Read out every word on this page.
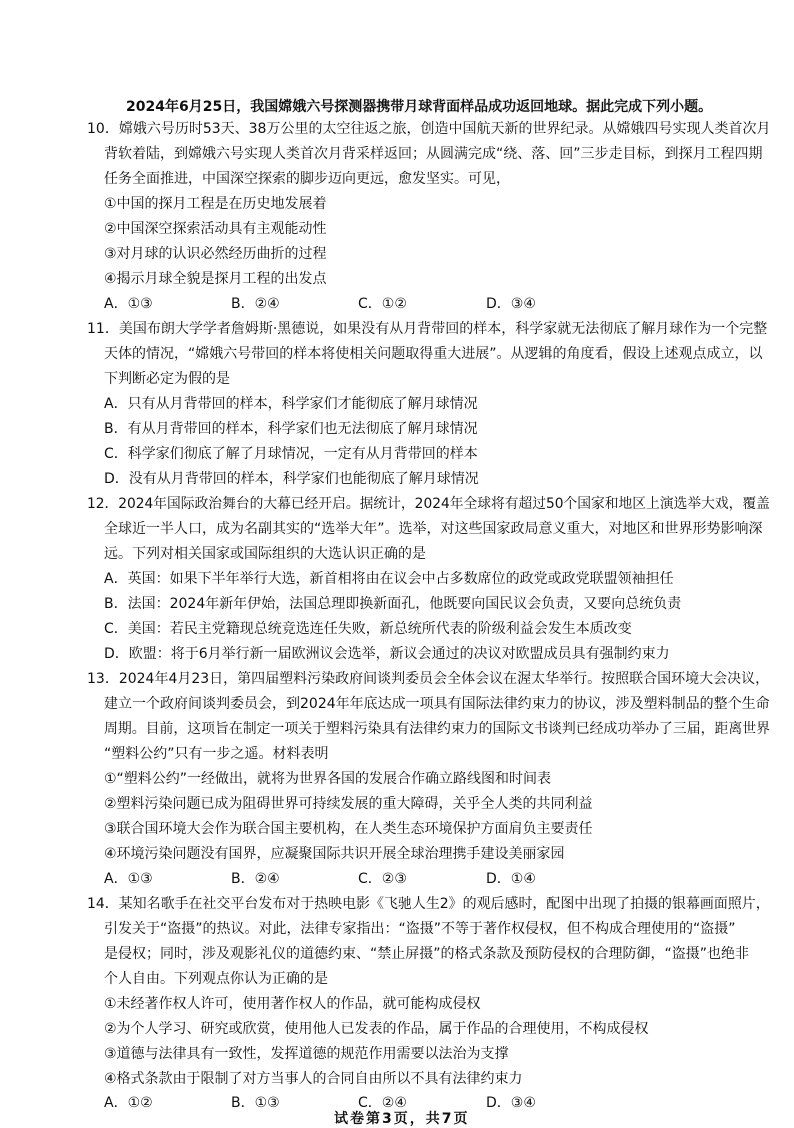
2024年6月25日，我国嫦娥六号探测器携带月球背面样品成功返回地球。据此完成下列小题。
10．嫦娥六号历时53天、38万公里的太空往返之旅，创造中国航天新的世界纪录。从嫦娥四号实现人类首次月
背软着陆，到嫦娥六号实现人类首次月背采样返回；从圆满完成“绕、落、回”三步走目标，到探月工程四期
任务全面推进，中国深空探索的脚步迈向更远，愈发坚实。可见，
①中国的探月工程是在历史地发展着
②中国深空探索活动具有主观能动性
③对月球的认识必然经历曲折的过程
④揭示月球全貌是探月工程的出发点
A．①③	B．②④	C．①②	D．③④
11．美国布朗大学学者詹姆斯·黑德说，如果没有从月背带回的样本，科学家就无法彻底了解月球作为一个完整
天体的情况，“嫦娥六号带回的样本将使相关问题取得重大进展”。从逻辑的角度看，假设上述观点成立，以
下判断必定为假的是
A．只有从月背带回的样本，科学家们才能彻底了解月球情况
B．有从月背带回的样本，科学家们也无法彻底了解月球情况
C．科学家们彻底了解了月球情况，一定有从月背带回的样本
D．没有从月背带回的样本，科学家们也能彻底了解月球情况
12．2024年国际政治舞台的大幕已经开启。据统计，2024年全球将有超过50个国家和地区上演选举大戏，覆盖
全球近一半人口，成为名副其实的“选举大年”。选举，对这些国家政局意义重大，对地区和世界形势影响深
远。下列对相关国家或国际组织的大选认识正确的是
A．英国：如果下半年举行大选，新首相将由在议会中占多数席位的政党或政党联盟领袖担任
B．法国：2024年新年伊始，法国总理即换新面孔，他既要向国民议会负责，又要向总统负责
C．美国：若民主党籍现总统竞选连任失败，新总统所代表的阶级利益会发生本质改变
D．欧盟：将于6月举行新一届欧洲议会选举，新议会通过的决议对欧盟成员具有强制约束力
13．2024年4月23日，第四届塑料污染政府间谈判委员会全体会议在渥太华举行。按照联合国环境大会决议，
建立一个政府间谈判委员会，到2024年年底达成一项具有国际法律约束力的协议，涉及塑料制品的整个生命
周期。目前，这项旨在制定一项关于塑料污染具有法律约束力的国际文书谈判已经成功举办了三届，距离世界
“塑料公约”只有一步之遥。材料表明
①“塑料公约”一经做出，就将为世界各国的发展合作确立路线图和时间表
②塑料污染问题已成为阻碍世界可持续发展的重大障碍，关乎全人类的共同利益
③联合国环境大会作为联合国主要机构，在人类生态环境保护方面肩负主要责任
④环境污染问题没有国界，应凝聚国际共识开展全球治理携手建设美丽家园
A．①③	B．②④	C．②③	D．①④
14．某知名歌手在社交平台发布对于热映电影《飞驰人生2》的观后感时，配图中出现了拍摄的银幕画面照片，
引发关于“盗摄”的热议。对此，法律专家指出：“盗摄”不等于著作权侵权，但不构成合理使用的“盗摄”
是侵权；同时，涉及观影礼仪的道德约束、“禁止屏摄”的格式条款及预防侵权的合理防御，“盗摄”也绝非
个人自由。下列观点你认为正确的是
①未经著作权人许可，使用著作权人的作品，就可能构成侵权
②为个人学习、研究或欣赏，使用他人已发表的作品，属于作品的合理使用，不构成侵权
③道德与法律具有一致性，发挥道德的规范作用需要以法治为支撑
④格式条款由于限制了对方当事人的合同自由所以不具有法律约束力
A．①②	B．①③	C．②④	D．③④
试卷第3页，共7页
